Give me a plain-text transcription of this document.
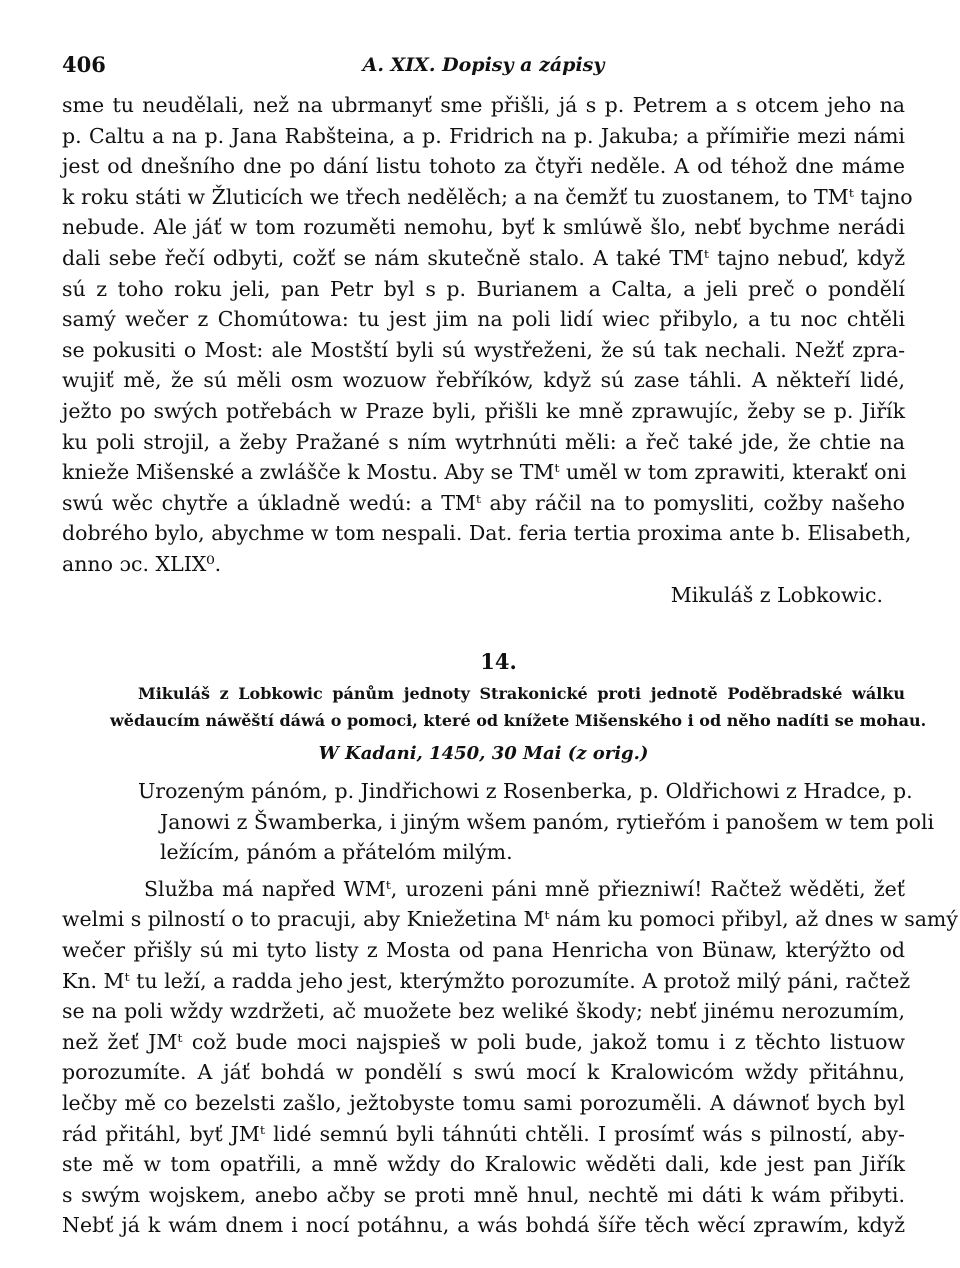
406	A. XIX. Dopisy a zápisy
sme tu neudělali, než na ubrmanyť sme přišli, já s p. Petrem a s otcem jeho na
p. Caltu a na p. Jana Rabšteina, a p. Fridrich na p. Jakuba; a přímiřie mezi námi
jest od dnešního dne po dání listu tohoto za čtyři neděle. A od téhož dne máme
k roku státi w Žluticích we třech nedělěch; a na čemžť tu zuostanem, to TMᵗ tajno
nebude. Ale jáť w tom rozuměti nemohu, byť k smlúwě šlo, nebť bychme nerádi
dali sebe řečí odbyti, cožť se nám skutečně stalo. A také TMᵗ tajno nebuď, když
sú z toho roku jeli, pan Petr byl s p. Burianem a Calta, a jeli preč o pondělí
samý wečer z Chomútowa: tu jest jim na poli lidí wiec přibylo, a tu noc chtěli
se pokusiti o Most: ale Mostští byli sú wystřeženi, že sú tak nechali. Nežť zpra-
wujiť mě, že sú měli osm wozuow řebříków, když sú zase táhli. A někteří lidé,
ježto po swých potřebách w Praze byli, přišli ke mně zprawujíc, žeby se p. Jiřík
ku poli strojil, a žeby Pražané s ním wytrhnúti měli: a řeč také jde, že chtie na
knieže Mišenské a zwlášče k Mostu. Aby se TMᵗ uměl w tom zprawiti, kterakť oni
swú wěc chytře a úkladně wedú: a TMᵗ aby ráčil na to pomysliti, cožby našeho
dobrého bylo, abychme w tom nespali. Dat. feria tertia proxima ante b. Elisabeth,
anno ɔc. XLIX⁰.
Mikuláš z Lobkowic.
14.
Mikuláš z Lobkowic pánům jednoty Strakonické proti jednotě Poděbradské wálku
wědaucím náwěští dáwá o pomoci, které od knížete Mišenského i od něho nadíti se mohau.
W Kadani, 1450, 30 Mai (z orig.)
Urozeným pánóm, p. Jindřichowi z Rosenberka, p. Oldřichowi z Hradce, p.
Janowi z Šwamberka, i jiným wšem panóm, rytieřóm i panošem w tem poli
ležícím, pánóm a přátelóm milým.
Služba má napřed WMᵗ, urozenі páni mně přiezniwí! Račtež wěděti, žeť
welmi s pilností o to pracuji, aby Kniežetina Mᵗ nám ku pomoci přibyl, až dnes w samý
wečer přišly sú mi tyto listy z Mosta od pana Henricha von Bünaw, kterýžto od
Kn. Mᵗ tu leží, a radda jeho jest, kterýmžto porozumíte. A protož milý páni, račtež
se na poli wždy wzdržeti, ač muožete bez weliké škody; nebť jinému nerozumím,
než žeť JMᵗ což bude moci najspieš w poli bude, jakož tomu i z těchto listuow
porozumíte. A jáť bohdá w pondělí s swú mocí k Kralowicóm wždy přitáhnu,
lečby mě co bezelsti zašlo, ježtobyste tomu sami porozuměli. A dáwnoť bych byl
rád přitáhl, byť JMᵗ lidé semnú byli táhnúti chtěli. I prosímť wás s pilností, aby-
ste mě w tom opatřili, a mně wždy do Kralowic wěděti dali, kde jest pan Jiřík
s swým wojskem, anebo ačby se proti mně hnul, nechtě mi dáti k wám přibyti.
Nebť já k wám dnem i nocí potáhnu, a wás bohdá šíře těch wěcí zprawím, když
